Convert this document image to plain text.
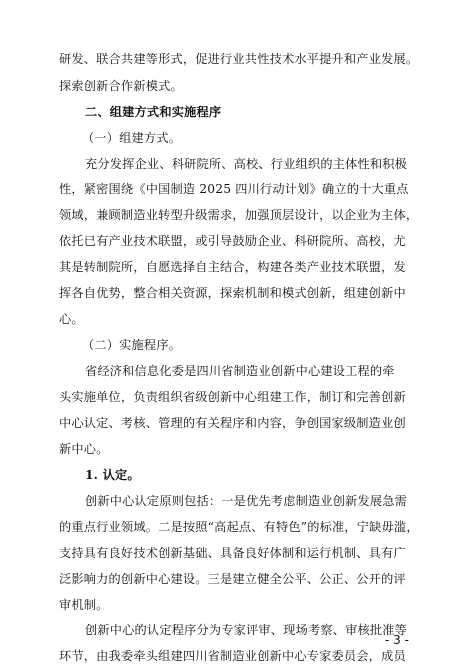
研发、联合共建等形式，促进行业共性技术水平提升和产业发展。
探索创新合作新模式。
二、组建方式和实施程序
（一）组建方式。
充分发挥企业、科研院所、高校、行业组织的主体性和积极
性，紧密围绕《中国制造 2025 四川行动计划》确立的十大重点
领域，兼顾制造业转型升级需求，加强顶层设计，以企业为主体，
依托已有产业技术联盟，或引导鼓励企业、科研院所、高校，尤
其是转制院所，自愿选择自主结合，构建各类产业技术联盟，发
挥各自优势，整合相关资源，探索机制和模式创新，组建创新中
心。
（二）实施程序。
省经济和信息化委是四川省制造业创新中心建设工程的牵
头实施单位，负责组织省级创新中心组建工作，制订和完善创新
中心认定、考核、管理的有关程序和内容，争创国家级制造业创
新中心。
1. 认定。
创新中心认定原则包括：一是优先考虑制造业创新发展急需
的重点行业领域。二是按照“高起点、有特色”的标准，宁缺毋滥，
支持具有良好技术创新基础、具备良好体制和运行机制、具有广
泛影响力的创新中心建设。三是建立健全公平、公正、公开的评
审机制。
创新中心的认定程序分为专家评审、现场考察、审核批准等
环节，由我委牵头组建四川省制造业创新中心专家委员会，成员
- 3 -
